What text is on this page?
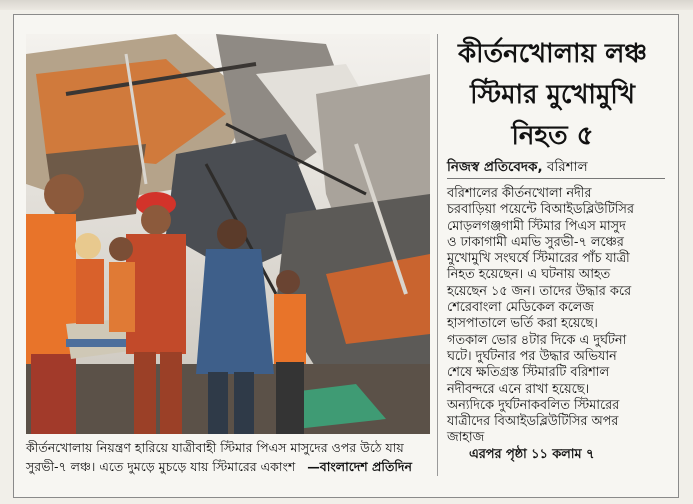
কীর্তনখোলায় নিয়ন্ত্রণ হারিয়ে যাত্রীবাহী স্টিমার পিএস মাসুদের ওপর উঠে যায়
সুরভী-৭ লঞ্চ। এতে দুমড়ে মুচড়ে যায় স্টিমারের একাংশ —বাংলাদেশ প্রতিদিন
কীর্তনখোলায় লঞ্চ
স্টিমার মুখোমুখি
নিহত ৫
নিজস্ব প্রতিবেদক, বরিশাল
বরিশালের কীর্তনখোলা নদীর
চরবাড়িয়া পয়েন্টে বিআইডব্লিউটিসির
মোড়লগঞ্জগামী স্টিমার পিএস মাসুদ
ও ঢাকাগামী এমভি সুরভী-৭ লঞ্চের
মুখোমুখি সংঘর্ষে স্টিমারের পাঁচ যাত্রী
নিহত হয়েছেন। এ ঘটনায় আহত
হয়েছেন ১৫ জন। তাদের উদ্ধার করে
শেরেবাংলা মেডিকেল কলেজ
হাসপাতালে ভর্তি করা হয়েছে।
গতকাল ভোর ৪টার দিকে এ দুর্ঘটনা
ঘটে। দুর্ঘটনার পর উদ্ধার অভিযান
শেষে ক্ষতিগ্রস্ত স্টিমারটি বরিশাল
নদীবন্দরে এনে রাখা হয়েছে।
অন্যদিকে দুর্ঘটনাকবলিত স্টিমারের
যাত্রীদের বিআইডব্লিউটিসির অপর
জাহাজ
এরপর পৃষ্ঠা ১১ কলাম ৭
